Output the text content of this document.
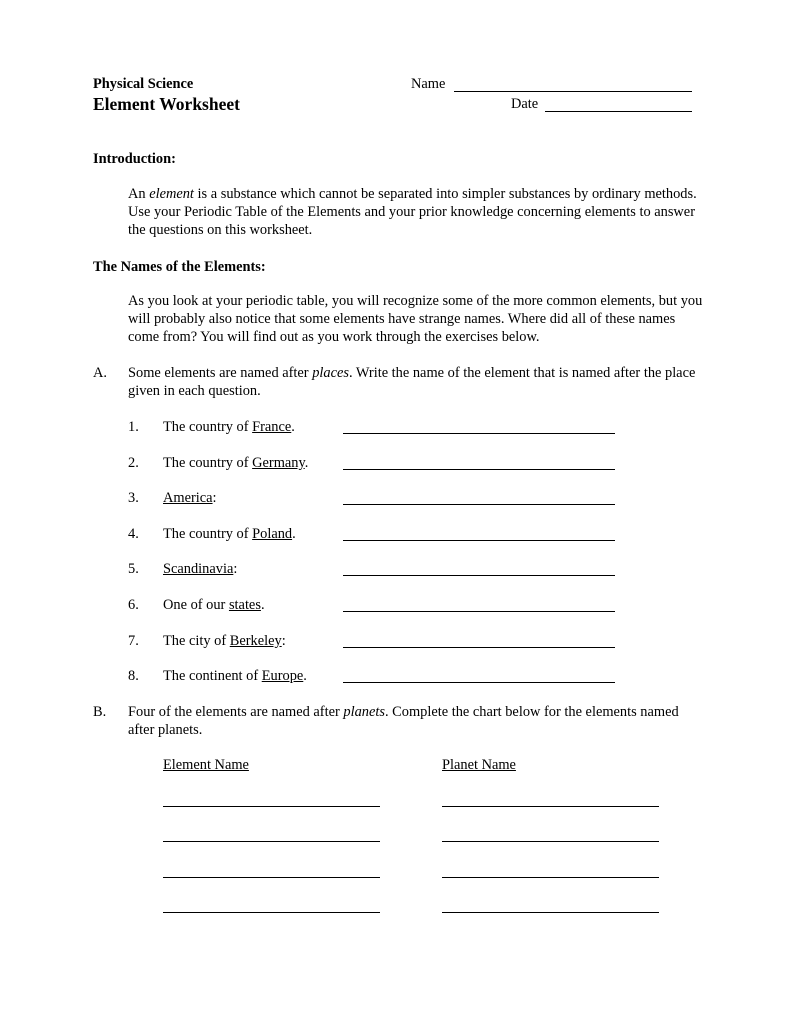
Physical Science
Element Worksheet
Name
Date
Introduction:
An element is a substance which cannot be separated into simpler substances by ordinary methods. Use your Periodic Table of the Elements and your prior knowledge concerning elements to answer the questions on this worksheet.
The Names of the Elements:
As you look at your periodic table, you will recognize some of the more common elements, but you will probably also notice that some elements have strange names. Where did all of these names come from? You will find out as you work through the exercises below.
A. Some elements are named after places. Write the name of the element that is named after the place given in each question.
1. The country of France.
2. The country of Germany.
3. America:
4. The country of Poland.
5. Scandinavia:
6. One of our states.
7. The city of Berkeley:
8. The continent of Europe.
B. Four of the elements are named after planets. Complete the chart below for the elements named after planets.
Element Name	Planet Name
